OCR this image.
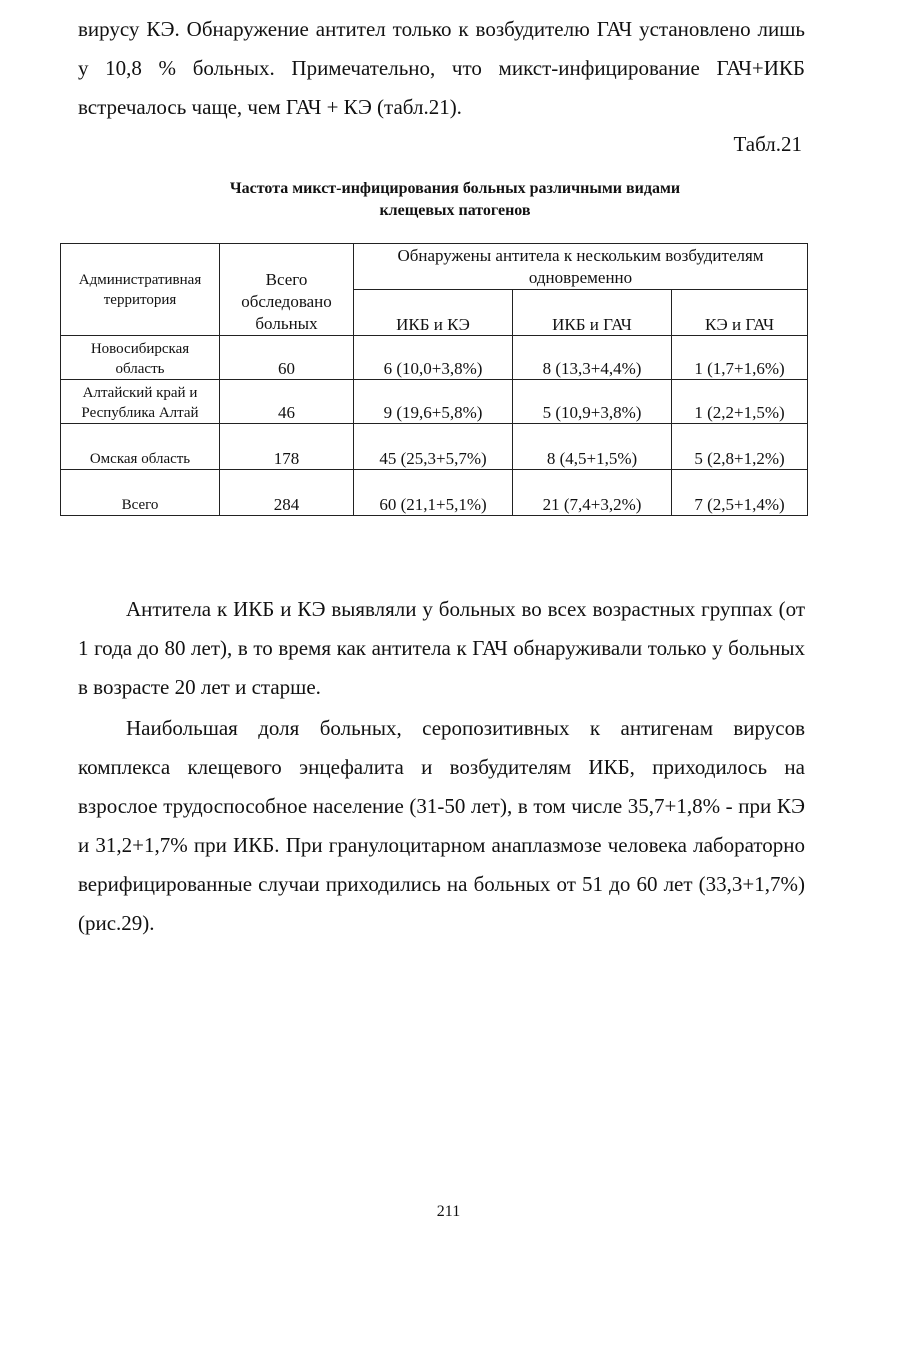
вирусу КЭ. Обнаружение антител только к возбудителю ГАЧ установлено лишь у 10,8 % больных. Примечательно, что микст-инфицирование ГАЧ+ИКБ встречалось чаще, чем ГАЧ + КЭ (табл.21).

Табл.21

Частота микст-инфицирования больных различными видами
клещевых патогенов

Административная территория	Всего обследовано больных	Обнаружены антитела к нескольким возбудителям одновременно		
		ИКБ и КЭ	ИКБ и ГАЧ	КЭ и ГАЧ
Новосибирская область	60	6 (10,0+3,8%)	8 (13,3+4,4%)	1 (1,7+1,6%)
Алтайский край и Республика Алтай	46	9 (19,6+5,8%)	5 (10,9+3,8%)	1 (2,2+1,5%)
Омская область	178	45 (25,3+5,7%)	8 (4,5+1,5%)	5 (2,8+1,2%)
Всего	284	60 (21,1+5,1%)	21 (7,4+3,2%)	7 (2,5+1,4%)

Антитела к ИКБ и КЭ выявляли у больных во всех возрастных группах (от 1 года до 80 лет), в то время как антитела к ГАЧ обнаруживали только у больных в возрасте 20 лет и старше.

Наибольшая доля больных, серопозитивных к антигенам вирусов комплекса клещевого энцефалита и возбудителям ИКБ, приходилось на взрослое трудоспособное население (31-50 лет), в том числе 35,7+1,8% - при КЭ и 31,2+1,7% при ИКБ. При гранулоцитарном анаплазмозе человека лабораторно верифицированные случаи приходились на больных от 51 до 60 лет (33,3+1,7%) (рис.29).

211
